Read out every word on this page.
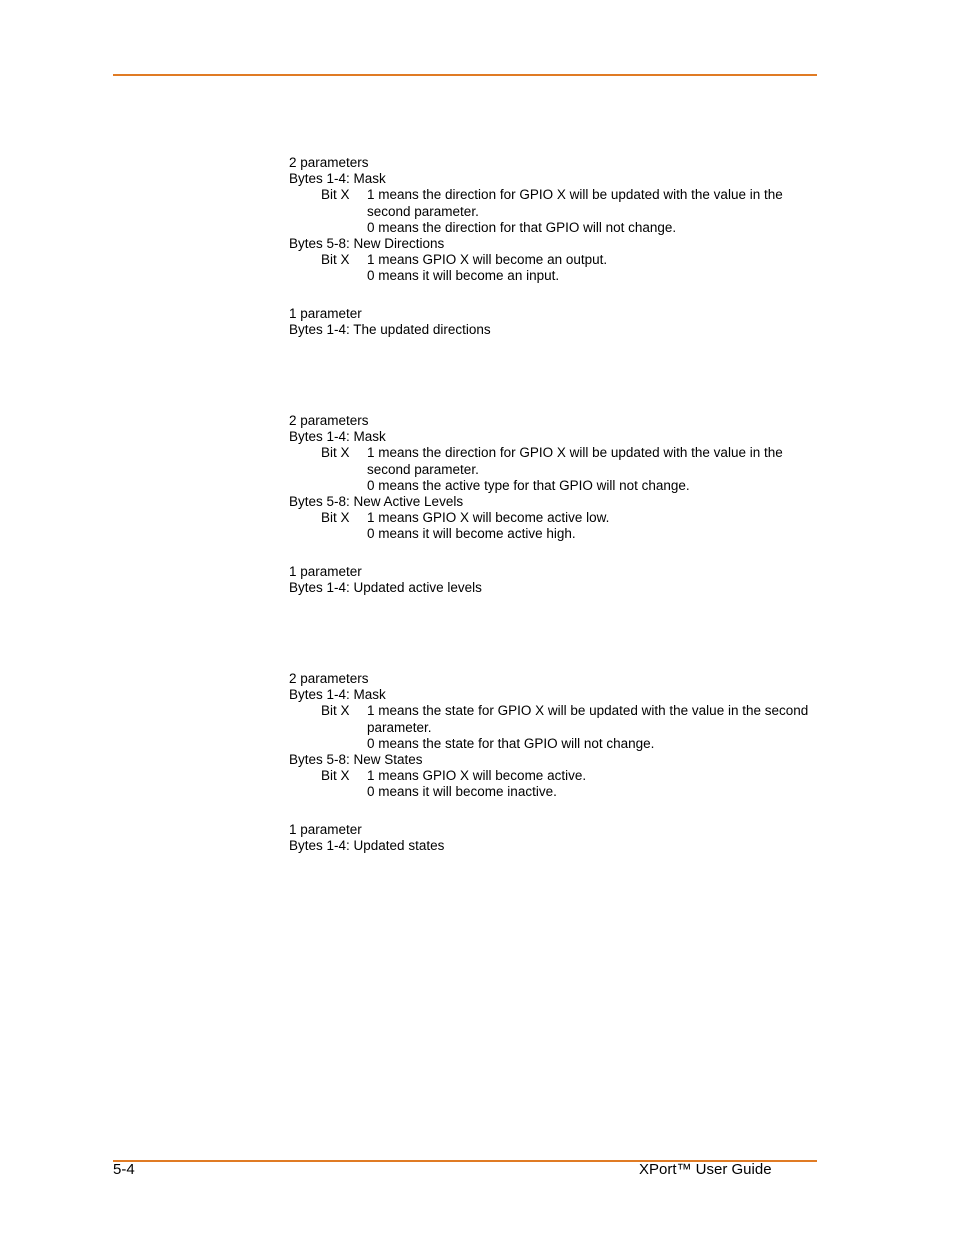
2 parameters
Bytes 1-4: Mask
Bit X 1 means the direction for GPIO X will be updated with the value in the second parameter.
0 means the direction for that GPIO will not change.
Bytes 5-8: New Directions
Bit X 1 means GPIO X will become an output.
0 means it will become an input.
1 parameter
Bytes 1-4: The updated directions
2 parameters
Bytes 1-4: Mask
Bit X 1 means the direction for GPIO X will be updated with the value in the second parameter.
0 means the active type for that GPIO will not change.
Bytes 5-8: New Active Levels
Bit X 1 means GPIO X will become active low.
0 means it will become active high.
1 parameter
Bytes 1-4: Updated active levels
2 parameters
Bytes 1-4: Mask
Bit X 1 means the state for GPIO X will be updated with the value in the second parameter.
0 means the state for that GPIO will not change.
Bytes 5-8: New States
Bit X 1 means GPIO X will become active.
0 means it will become inactive.
1 parameter
Bytes 1-4: Updated states
5-4	XPort™ User Guide
